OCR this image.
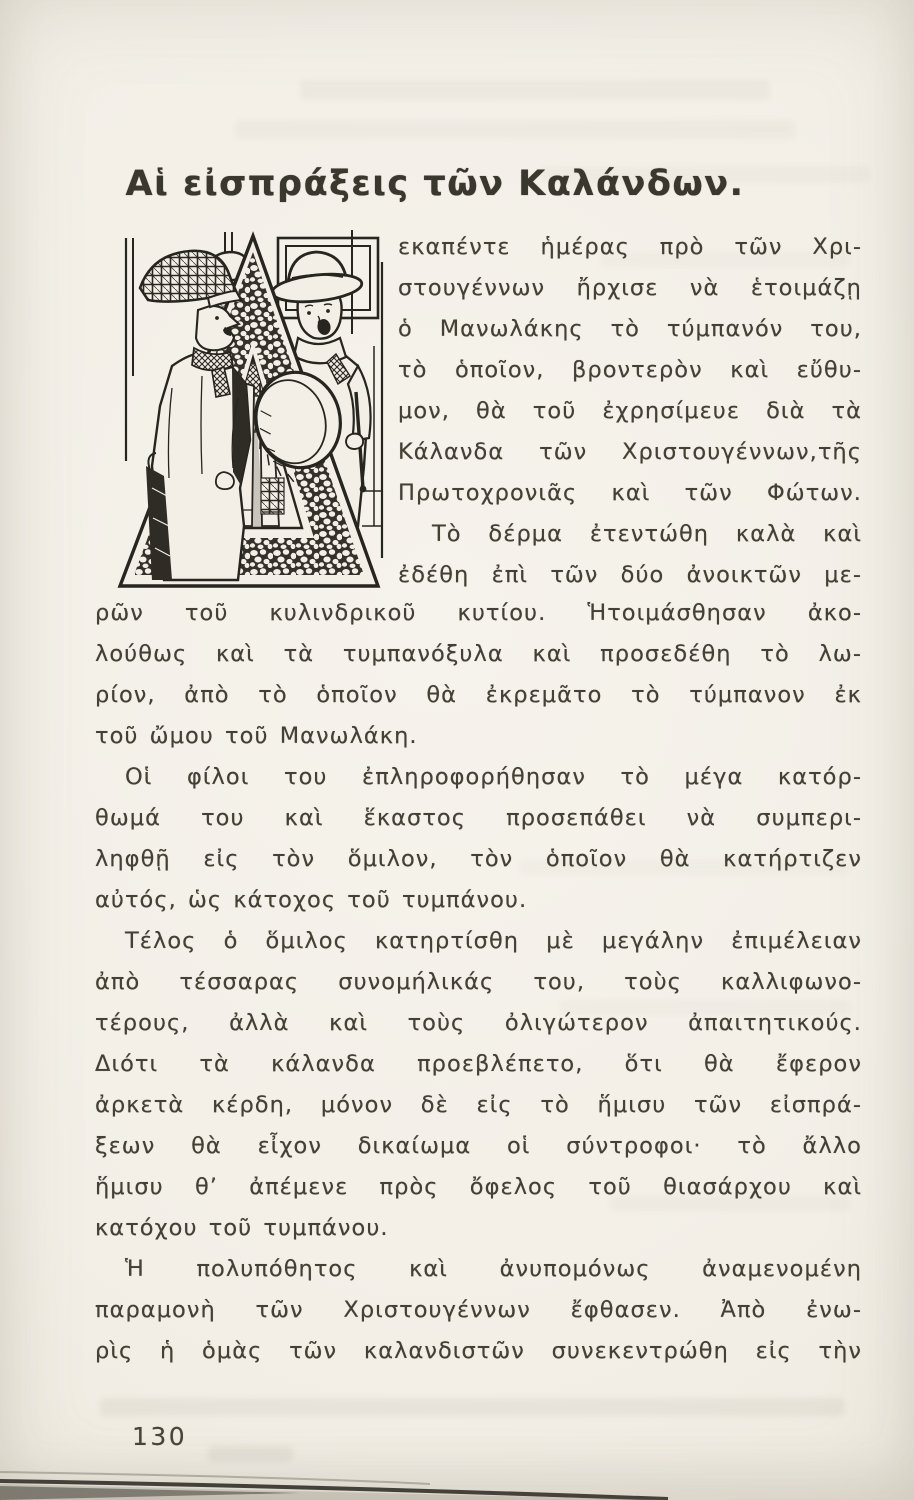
Αἱ εἰσπράξεις τῶν Καλάνδων.
εκαπέντε ἡμέρας πρὸ τῶν Χρι-
στουγέννων ἤρχισε νὰ ἑτοιμάζῃ
ὁ Μανωλάκης τὸ τύμπανόν του,
τὸ ὁποῖον, βροντερὸν καὶ εὔθυ-
μον, θὰ τοῦ ἐχρησίμευε διὰ τὰ
Κάλανδα τῶν Χριστουγέννων,τῆς
Πρωτοχρονιᾶς καὶ τῶν Φώτων.
Τὸ δέρμα ἐτεντώθη καλὰ καὶ
ἐδέθη ἐπὶ τῶν δύο ἀνοικτῶν με-
ρῶν τοῦ κυλινδρικοῦ κυτίου. Ἡτοιμάσθησαν ἀκο-
λούθως καὶ τὰ τυμπανόξυλα καὶ προσεδέθη τὸ λω-
ρίον, ἀπὸ τὸ ὁποῖον θὰ ἐκρεμᾶτο τὸ τύμπανον ἐκ
τοῦ ὤμου τοῦ Μανωλάκη.
Οἱ φίλοι του ἐπληροφορήθησαν τὸ μέγα κατόρ-
θωμά του καὶ ἕκαστος προσεπάθει νὰ συμπερι-
ληφθῇ εἰς τὸν ὅμιλον, τὸν ὁποῖον θὰ κατήρτιζεν
αὐτός, ὡς κάτοχος τοῦ τυμπάνου.
Τέλος ὁ ὅμιλος κατηρτίσθη μὲ μεγάλην ἐπιμέλειαν
ἀπὸ τέσσαρας συνομήλικάς του, τοὺς καλλιφωνο-
τέρους, ἀλλὰ καὶ τοὺς ὀλιγώτερον ἀπαιτητικούς.
Διότι τὰ κάλανδα προεβλέπετο, ὅτι θὰ ἔφερον
ἀρκετὰ κέρδη, μόνον δὲ εἰς τὸ ἥμισυ τῶν εἰσπρά-
ξεων θὰ εἶχον δικαίωμα οἱ σύντροφοι· τὸ ἄλλο
ἥμισυ θ’ ἀπέμενε πρὸς ὄφελος τοῦ θιασάρχου καὶ
κατόχου τοῦ τυμπάνου.
Ἡ πολυπόθητος καὶ ἀνυπομόνως ἀναμενομένη
παραμονὴ τῶν Χριστουγέννων ἔφθασεν. Ἀπὸ ἐνω-
ρὶς ἡ ὁμὰς τῶν καλανδιστῶν συνεκεντρώθη εἰς τὴν
130
